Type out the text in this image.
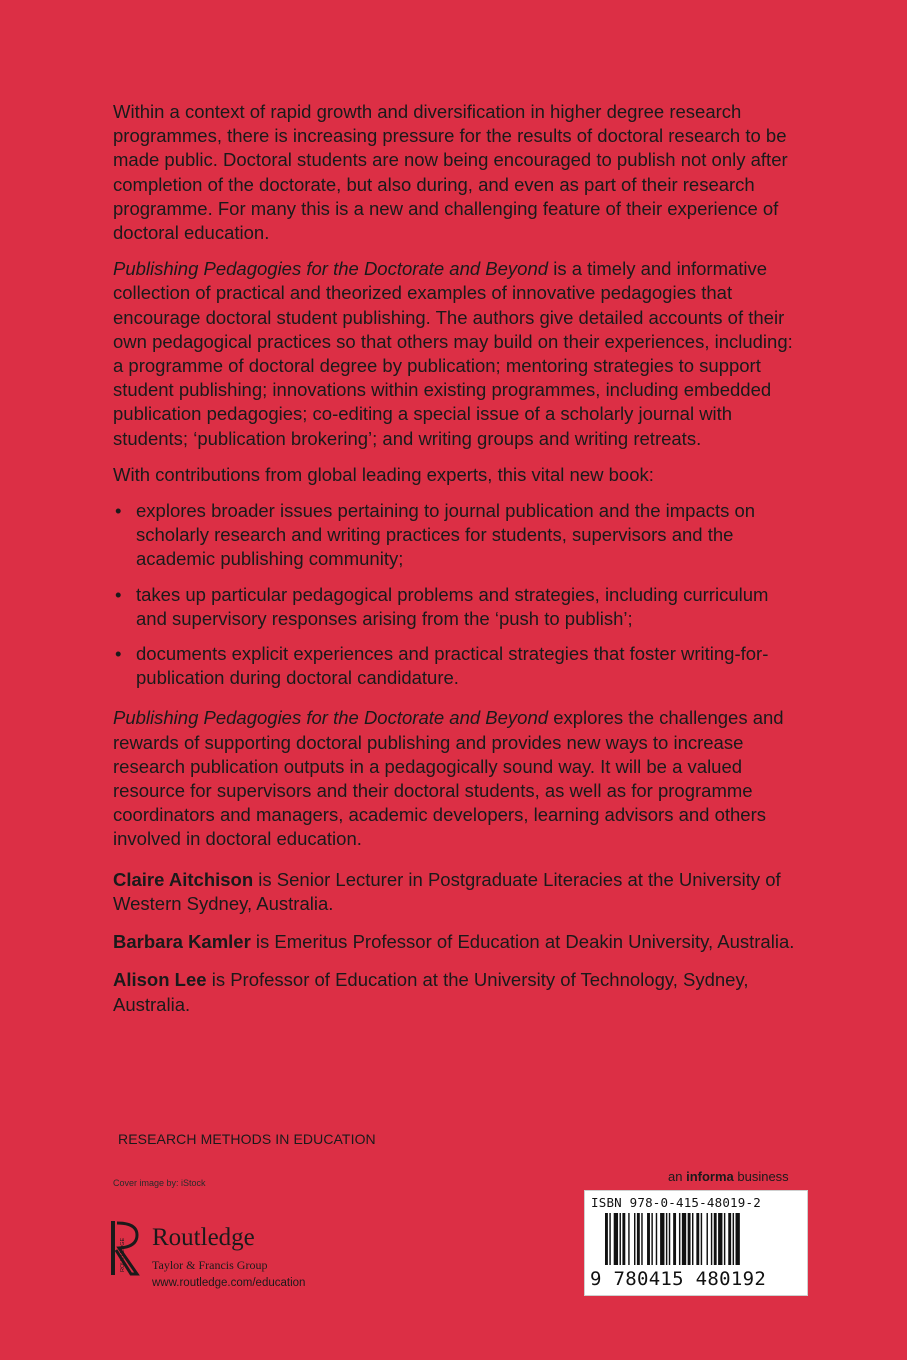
Within a context of rapid growth and diversification in higher degree research programmes, there is increasing pressure for the results of doctoral research to be made public. Doctoral students are now being encouraged to publish not only after completion of the doctorate, but also during, and even as part of their research programme. For many this is a new and challenging feature of their experience of doctoral education.

Publishing Pedagogies for the Doctorate and Beyond is a timely and informative collection of practical and theorized examples of innovative pedagogies that encourage doctoral student publishing. The authors give detailed accounts of their own pedagogical practices so that others may build on their experiences, including: a programme of doctoral degree by publication; mentoring strategies to support student publishing; innovations within existing programmes, including embedded publication pedagogies; co-editing a special issue of a scholarly journal with students; ‘publication brokering’; and writing groups and writing retreats.

With contributions from global leading experts, this vital new book:

• explores broader issues pertaining to journal publication and the impacts on scholarly research and writing practices for students, supervisors and the academic publishing community;
• takes up particular pedagogical problems and strategies, including curriculum and supervisory responses arising from the ‘push to publish’;
• documents explicit experiences and practical strategies that foster writing-for-publication during doctoral candidature.

Publishing Pedagogies for the Doctorate and Beyond explores the challenges and rewards of supporting doctoral publishing and provides new ways to increase research publication outputs in a pedagogically sound way. It will be a valued resource for supervisors and their doctoral students, as well as for programme coordinators and managers, academic developers, learning advisors and others involved in doctoral education.

Claire Aitchison is Senior Lecturer in Postgraduate Literacies at the University of Western Sydney, Australia.

Barbara Kamler is Emeritus Professor of Education at Deakin University, Australia.

Alison Lee is Professor of Education at the University of Technology, Sydney, Australia.

RESEARCH METHODS IN EDUCATION
Cover image by: iStock	an informa business
ROUTLEDGE
Routledge
Taylor & Francis Group
www.routledge.com/education
ISBN 978-0-415-48019-2
9 780415 480192
